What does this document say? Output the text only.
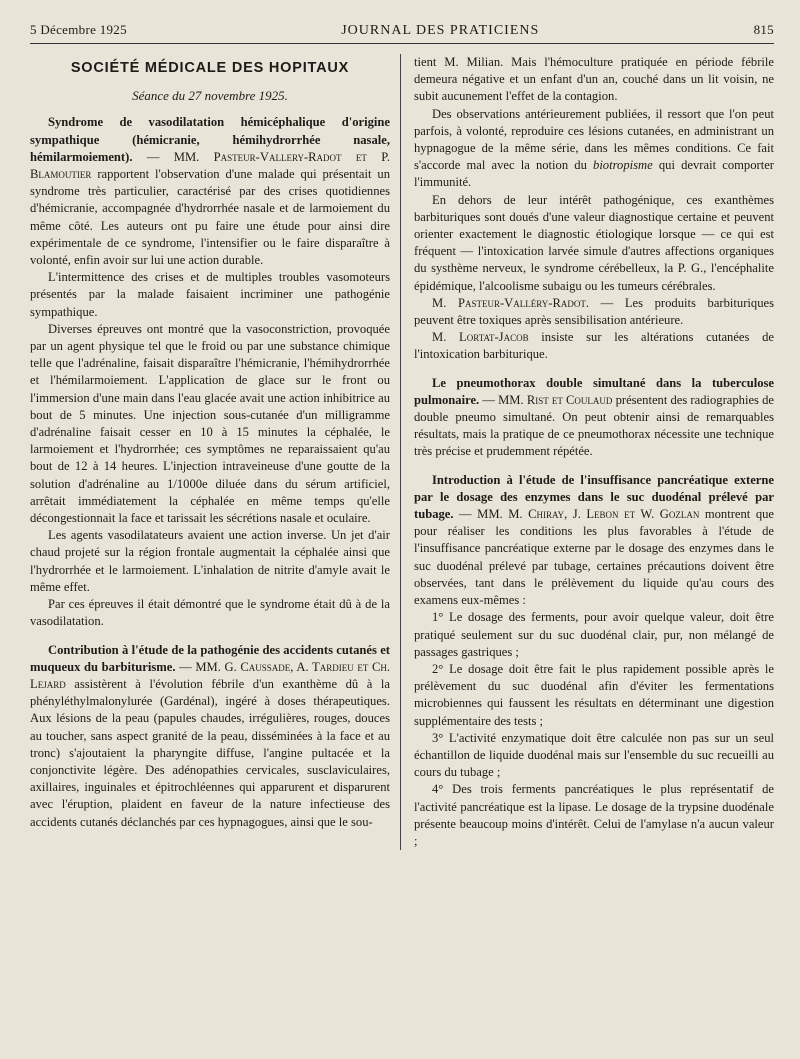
5 Décembre 1925	JOURNAL DES PRATICIENS	815
SOCIÉTÉ MÉDICALE DES HOPITAUX
Séance du 27 novembre 1925.

Syndrome de vasodilatation hémicéphalique d'origine sympathique (hémicranie, hémihydrorrhée nasale, hémilarmoiement). — MM. Pasteur-Vallery-Radot et P. Blamoutier rapportent l'observation d'une malade qui présentait un syndrome très particulier, caractérisé par des crises quotidiennes d'hémicranie, accompagnée d'hydrorrhée nasale et de larmoiement du même côté. Les auteurs ont pu faire une étude pour ainsi dire expérimentale de ce syndrome, l'intensifier ou le faire disparaître à volonté, enfin avoir sur lui une action durable.

L'intermittence des crises et de multiples troubles vasomoteurs présentés par la malade faisaient incriminer une pathogénie sympathique.

Diverses épreuves ont montré que la vasoconstriction, provoquée par un agent physique tel que le froid ou par une substance chimique telle que l'adrénaline, faisait disparaître l'hémicranie, l'hémihydrorrhée et l'hémilarmoiement. L'application de glace sur le front ou l'immersion d'une main dans l'eau glacée avait une action inhibitrice au bout de 5 minutes. Une injection sous-cutanée d'un milligramme d'adrénaline faisait cesser en 10 à 15 minutes la céphalée, le larmoiement et l'hydrorrhée; ces symptômes ne reparaissaient qu'au bout de 12 à 14 heures. L'injection intraveineuse d'une goutte de la solution d'adrénaline au 1/1000e diluée dans du sérum artificiel, arrêtait immédiatement la céphalée en même temps qu'elle décongestionnait la face et tarissait les sécrétions nasale et oculaire.

Les agents vasodilatateurs avaient une action inverse. Un jet d'air chaud projeté sur la région frontale augmentait la céphalée ainsi que l'hydrorrhée et le larmoiement. L'inhalation de nitrite d'amyle avait le même effet.

Par ces épreuves il était démontré que le syndrome était dû à de la vasodilatation.

Contribution à l'étude de la pathogénie des accidents cutanés et muqueux du barbiturisme. — MM. G. Caussade, A. Tardieu et Ch. Lejard assistèrent à l'évolution fébrile d'un exanthème dû à la phényléthylmalonylurée (Gardénal), ingéré à doses thérapeutiques. Aux lésions de la peau (papules chaudes, irrégulières, rouges, douces au toucher, sans aspect granité de la peau, disséminées à la face et au tronc) s'ajoutaient la pharyngite diffuse, l'angine pultacée et la conjonctivite légère. Des adénopathies cervicales, susclaviculaires, axillaires, inguinales et épitrochléennes qui apparurent et disparurent avec l'éruption, plaident en faveur de la nature infectieuse des accidents cutanés déclanchés par ces hypnagogues, ainsi que le sou-

tient M. Milian. Mais l'hémoculture pratiquée en période fébrile demeura négative et un enfant d'un an, couché dans un lit voisin, ne subit aucunement l'effet de la contagion.

Des observations antérieurement publiées, il ressort que l'on peut parfois, à volonté, reproduire ces lésions cutanées, en administrant un hypnagogue de la même série, dans les mêmes conditions. Ce fait s'accorde mal avec la notion du biotropisme qui devrait comporter l'immunité.

En dehors de leur intérêt pathogénique, ces exanthèmes barbituriques sont doués d'une valeur diagnostique certaine et peuvent orienter exactement le diagnostic étiologique lorsque — ce qui est fréquent — l'intoxication larvée simule d'autres affections organiques du systhème nerveux, le syndrome cérébelleux, la P. G., l'encéphalite épidémique, l'alcoolisme subaigu ou les tumeurs cérébrales.

M. Pasteur-Valléry-Radot. — Les produits barbituriques peuvent être toxiques après sensibilisation antérieure.

M. Lortat-Jacob insiste sur les altérations cutanées de l'intoxication barbiturique.

Le pneumothorax double simultané dans la tuberculose pulmonaire. — MM. Rist et Coulaud présentent des radiographies de double pneumo simultané. On peut obtenir ainsi de remarquables résultats, mais la pratique de ce pneumothorax nécessite une technique très précise et prudemment répétée.

Introduction à l'étude de l'insuffisance pancréatique externe par le dosage des enzymes dans le suc duodénal prélevé par tubage. — MM. M. Chiray, J. Lebon et W. Gozlan montrent que pour réaliser les conditions les plus favorables à l'étude de l'insuffisance pancréatique externe par le dosage des enzymes dans le suc duodénal prélevé par tubage, certaines précautions doivent être observées, tant dans le prélèvement du liquide qu'au cours des examens eux-mêmes :

1° Le dosage des ferments, pour avoir quelque valeur, doit être pratiqué seulement sur du suc duodénal clair, pur, non mélangé de passages gastriques ;

2° Le dosage doit être fait le plus rapidement possible après le prélèvement du suc duodénal afin d'éviter les fermentations microbiennes qui faussent les résultats en déterminant une digestion supplémentaire des tests ;

3° L'activité enzymatique doit être calculée non pas sur un seul échantillon de liquide duodénal mais sur l'ensemble du suc recueilli au cours du tubage ;

4° Des trois ferments pancréatiques le plus représentatif de l'activité pancréatique est la lipase. Le dosage de la trypsine duodénale présente beaucoup moins d'intérêt. Celui de l'amylase n'a aucun valeur ;
